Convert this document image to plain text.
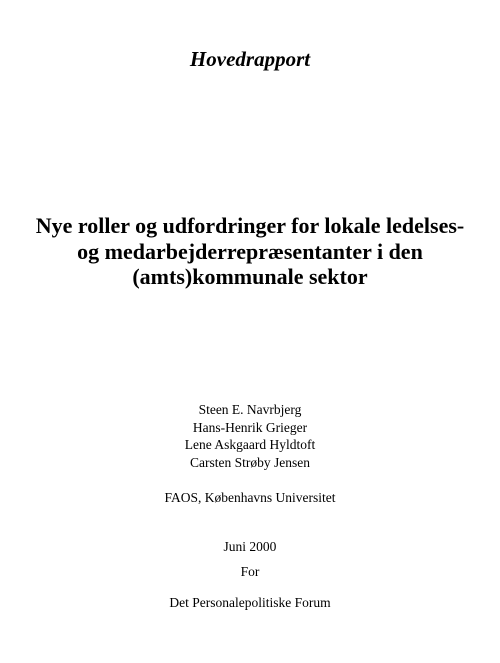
Hovedrapport
Nye roller og udfordringer for lokale ledelses-
og medarbejderrepræsentanter i den
(amts)kommunale sektor
Steen E. Navrbjerg
Hans-Henrik Grieger
Lene Askgaard Hyldtoft
Carsten Strøby Jensen
FAOS, Københavns Universitet
Juni 2000
For
Det Personalepolitiske Forum
